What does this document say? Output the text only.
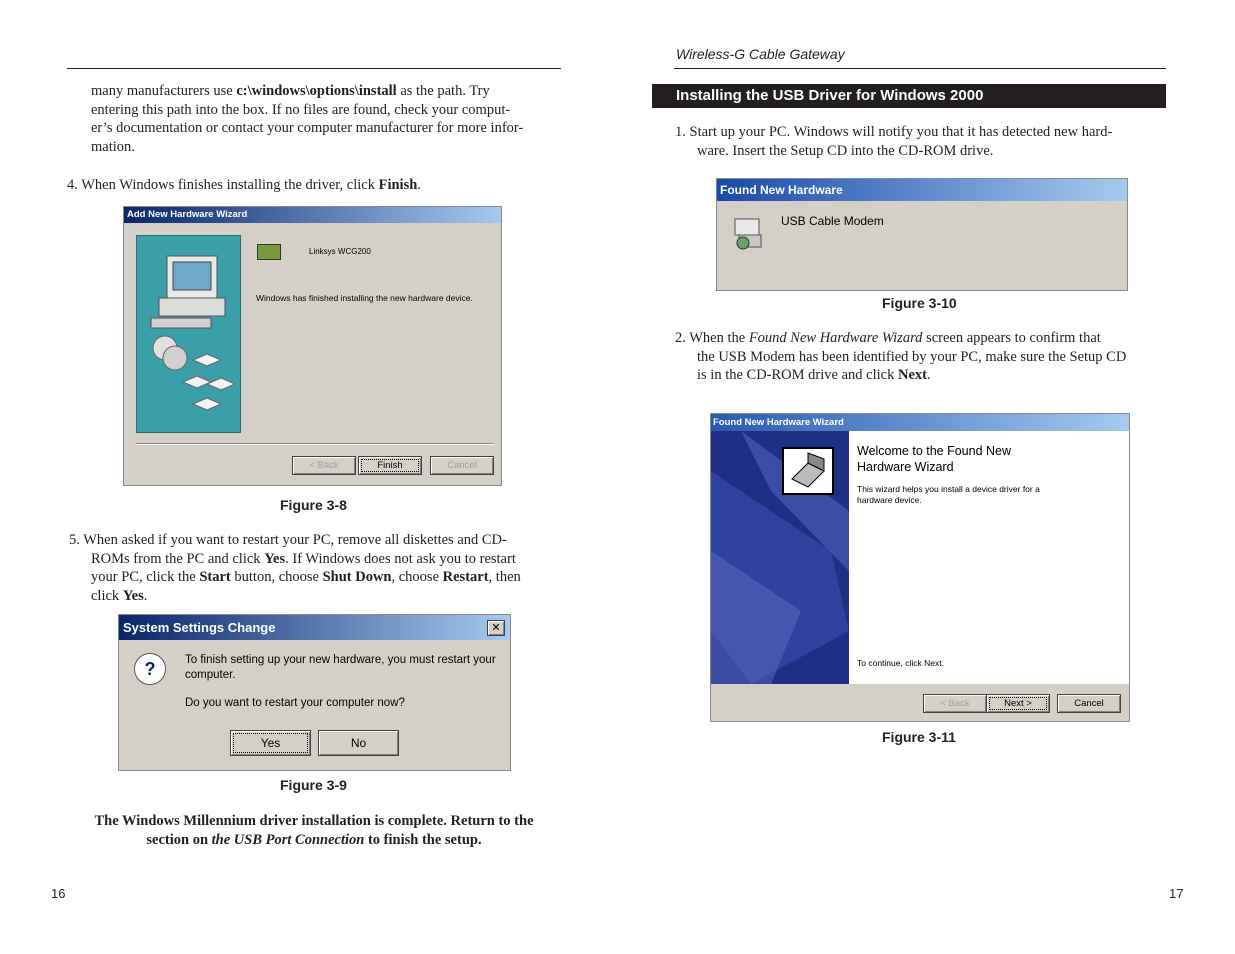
many manufacturers use c:\windows\options\install as the path. Try
entering this path into the box. If no files are found, check your comput-
er’s documentation or contact your computer manufacturer for more infor-
mation.
4. When Windows finishes installing the driver, click Finish.
Add New Hardware Wizard
Linksys WCG200
Windows has finished installing the new hardware device.
< Back	Finish	Cancel
Figure 3-8
5. When asked if you want to restart your PC, remove all diskettes and CD-
ROMs from the PC and click Yes. If Windows does not ask you to restart
your PC, click the Start button, choose Shut Down, choose Restart, then
click Yes.
System Settings Change	✕
?	To finish setting up your new hardware, you must restart your
computer.
Do you want to restart your computer now?
Yes	No
Figure 3-9
The Windows Millennium driver installation is complete. Return to the
section on the USB Port Connection to finish the setup.
16
Wireless-G Cable Gateway
Installing the USB Driver for Windows 2000
1. Start up your PC. Windows will notify you that it has detected new hard-
ware. Insert the Setup CD into the CD-ROM drive.
Found New Hardware
USB Cable Modem
Figure 3-10
2. When the Found New Hardware Wizard screen appears to confirm that
the USB Modem has been identified by your PC, make sure the Setup CD
is in the CD-ROM drive and click Next.
Found New Hardware Wizard
Welcome to the Found New
Hardware Wizard
This wizard helps you install a device driver for a
hardware device.
To continue, click Next.
< Back	Next >	Cancel
Figure 3-11
17
